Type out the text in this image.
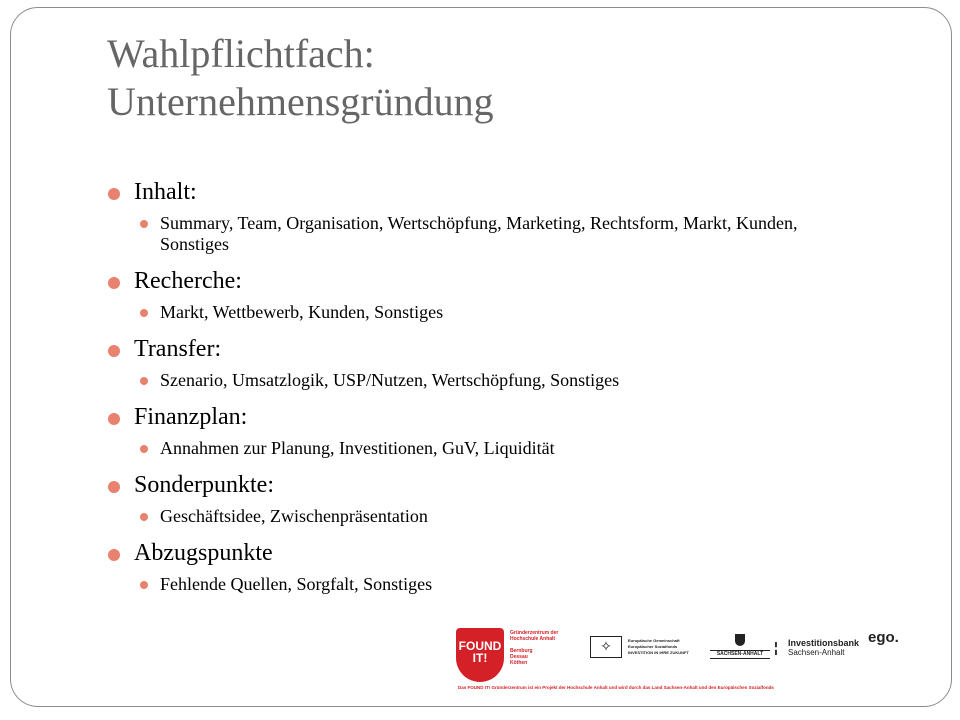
Wahlpflichtfach:
Unternehmensgründung
Inhalt:
Summary, Team, Organisation, Wertschöpfung, Marketing, Rechtsform, Markt, Kunden, Sonstiges
Recherche:
Markt, Wettbewerb, Kunden, Sonstiges
Transfer:
Szenario, Umsatzlogik, USP/Nutzen, Wertschöpfung, Sonstiges
Finanzplan:
Annahmen zur Planung, Investitionen, GuV, Liquidität
Sonderpunkte:
Geschäftsidee, Zwischenpräsentation
Abzugspunkte
Fehlende Quellen, Sorgfalt, Sonstiges
FOUND IT!
Gründerzentrum der
Hochschule Anhalt
Bernburg
Dessau
Köthen
✧	Europäische Gemeinschaft
Europäischer Sozialfonds
INVESTITION IN IHRE ZUKUNFT	SACHSEN-ANHALT ¦	Investitionsbank
Sachsen-Anhalt
ego.
Das FOUND IT! Gründerzentrum ist ein Projekt der Hochschule Anhalt und wird durch das Land Sachsen-Anhalt und den Europäischen Sozialfonds
